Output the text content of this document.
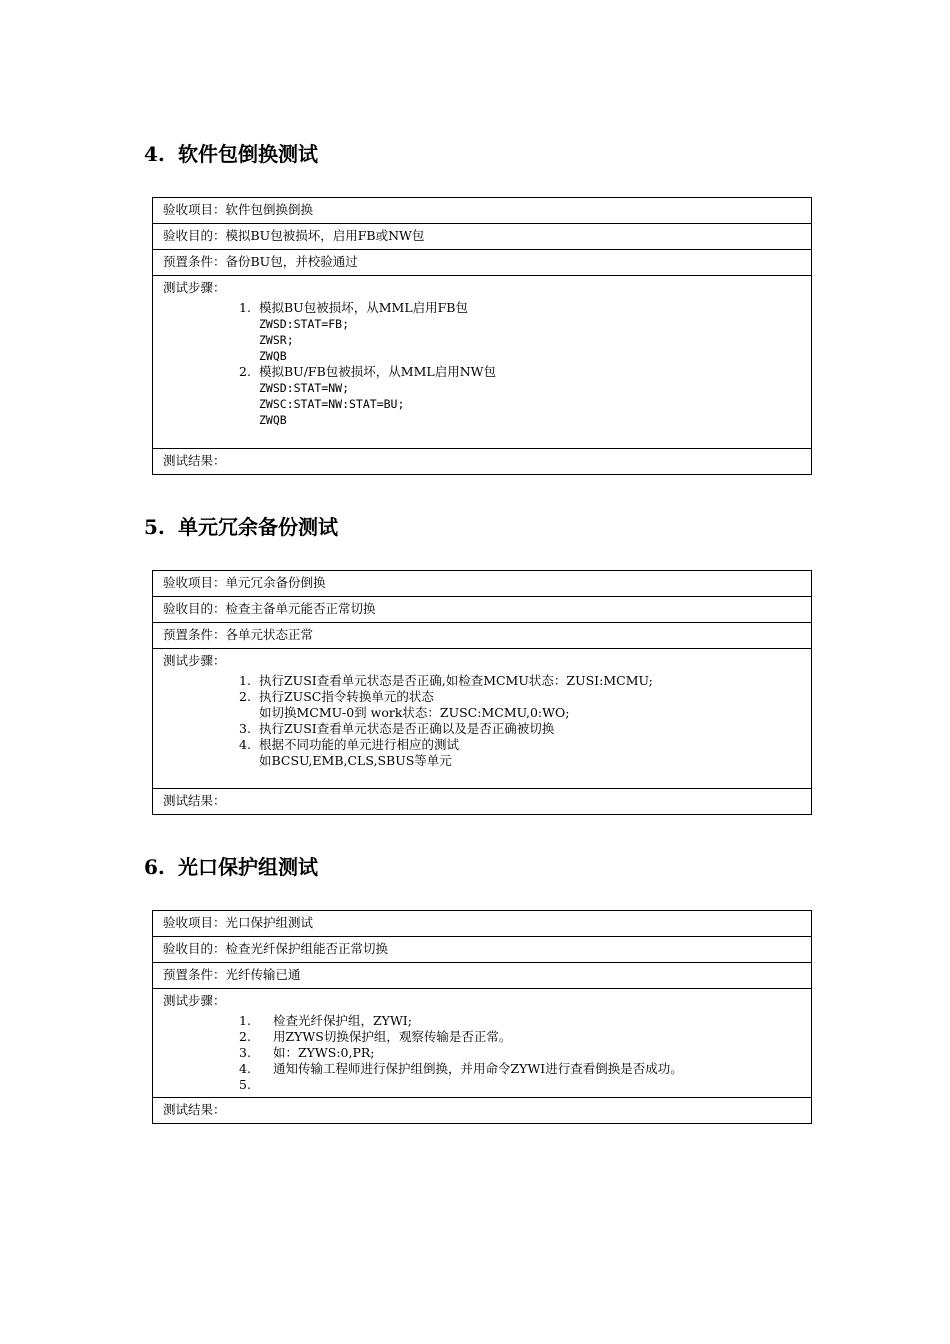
4. 软件包倒换测试
验收项目：软件包倒换倒换
验收目的：模拟BU包被损坏，启用FB或NW包
预置条件：备份BU包，并校验通过

测试步骤：
1. 模拟BU包被损坏，从MML启用FB包
ZWSD:STAT=FB;
ZWSR;
ZWQB
2. 模拟BU/FB包被损坏，从MML启用NW包
ZWSD:STAT=NW;
ZWSC:STAT=NW:STAT=BU;
ZWQB

测试结果：
5. 单元冗余备份测试
验收项目：单元冗余备份倒换
验收目的：检查主备单元能否正常切换
预置条件：各单元状态正常

测试步骤：
1. 执行ZUSI查看单元状态是否正确,如检查MCMU状态：ZUSI:MCMU;
2. 执行ZUSC指令转换单元的状态
如切换MCMU-0到 work状态：ZUSC:MCMU,0:WO;
3. 执行ZUSI查看单元状态是否正确以及是否正确被切换
4. 根据不同功能的单元进行相应的测试
如BCSU,EMB,CLS,SBUS等单元

测试结果：
6. 光口保护组测试
验收项目：光口保护组测试
验收目的：检查光纤保护组能否正常切换
预置条件：光纤传输已通

测试步骤：
1. 检查光纤保护组，ZYWI;
2. 用ZYWS切换保护组，观察传输是否正常。
3. 如：ZYWS:0,PR;
4. 通知传输工程师进行保护组倒换，并用命令ZYWI进行查看倒换是否成功。
5.

测试结果：
